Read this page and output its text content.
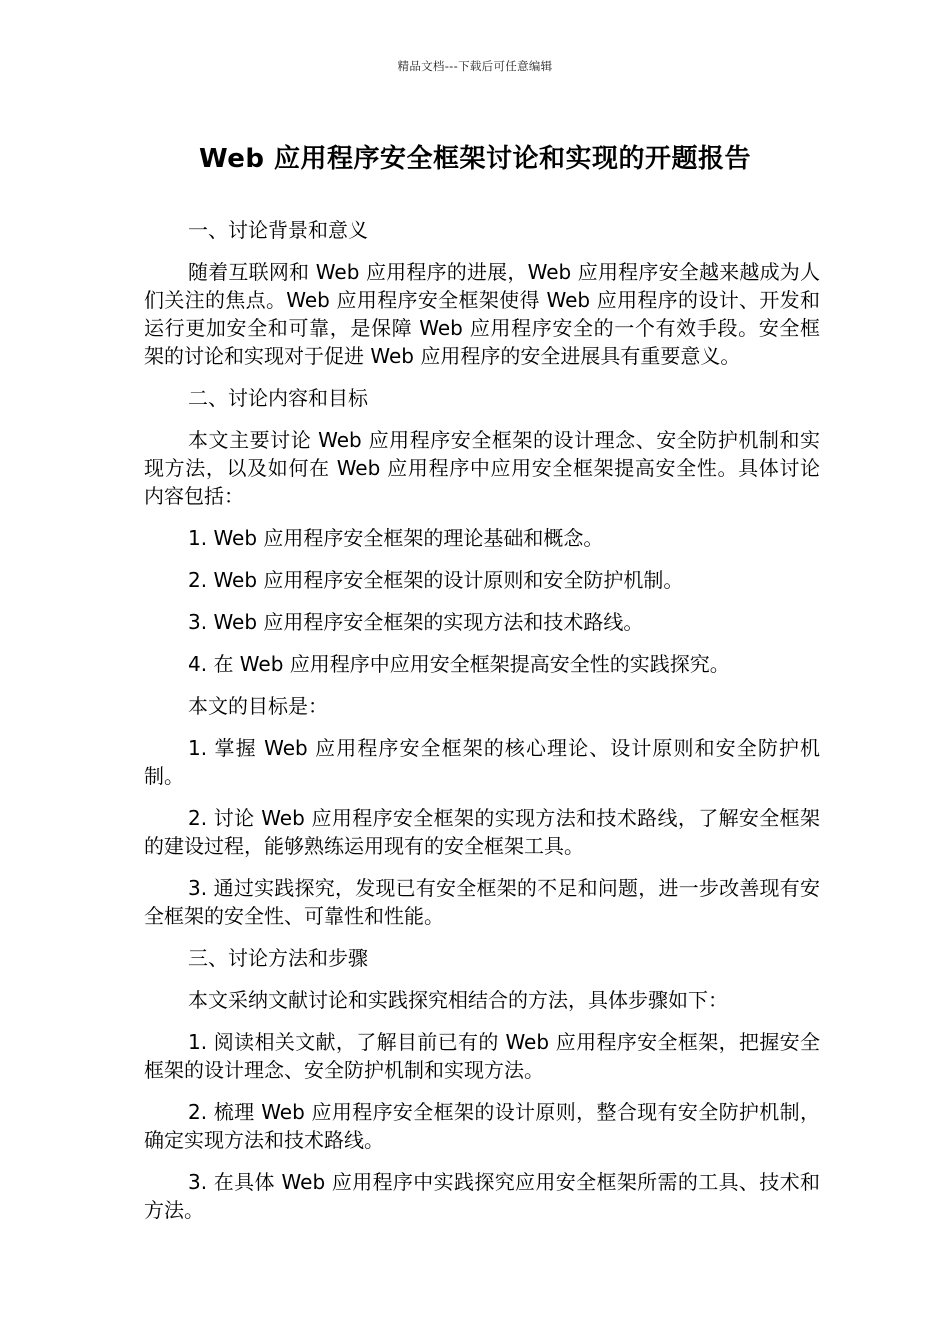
精品文档---下载后可任意编辑
Web 应用程序安全框架讨论和实现的开题报告

一、讨论背景和意义

随着互联网和 Web 应用程序的进展，Web 应用程序安全越来越成为人们关注的焦点。Web 应用程序安全框架使得 Web 应用程序的设计、开发和运行更加安全和可靠，是保障 Web 应用程序安全的一个有效手段。安全框架的讨论和实现对于促进 Web 应用程序的安全进展具有重要意义。

二、讨论内容和目标

本文主要讨论 Web 应用程序安全框架的设计理念、安全防护机制和实现方法，以及如何在 Web 应用程序中应用安全框架提高安全性。具体讨论内容包括：

1. Web 应用程序安全框架的理论基础和概念。

2. Web 应用程序安全框架的设计原则和安全防护机制。

3. Web 应用程序安全框架的实现方法和技术路线。

4. 在 Web 应用程序中应用安全框架提高安全性的实践探究。

本文的目标是：

1. 掌握 Web 应用程序安全框架的核心理论、设计原则和安全防护机制。

2. 讨论 Web 应用程序安全框架的实现方法和技术路线，了解安全框架的建设过程，能够熟练运用现有的安全框架工具。

3. 通过实践探究，发现已有安全框架的不足和问题，进一步改善现有安全框架的安全性、可靠性和性能。

三、讨论方法和步骤

本文采纳文献讨论和实践探究相结合的方法，具体步骤如下：

1. 阅读相关文献，了解目前已有的 Web 应用程序安全框架，把握安全框架的设计理念、安全防护机制和实现方法。

2. 梳理 Web 应用程序安全框架的设计原则，整合现有安全防护机制，确定实现方法和技术路线。

3. 在具体 Web 应用程序中实践探究应用安全框架所需的工具、技术和方法。
